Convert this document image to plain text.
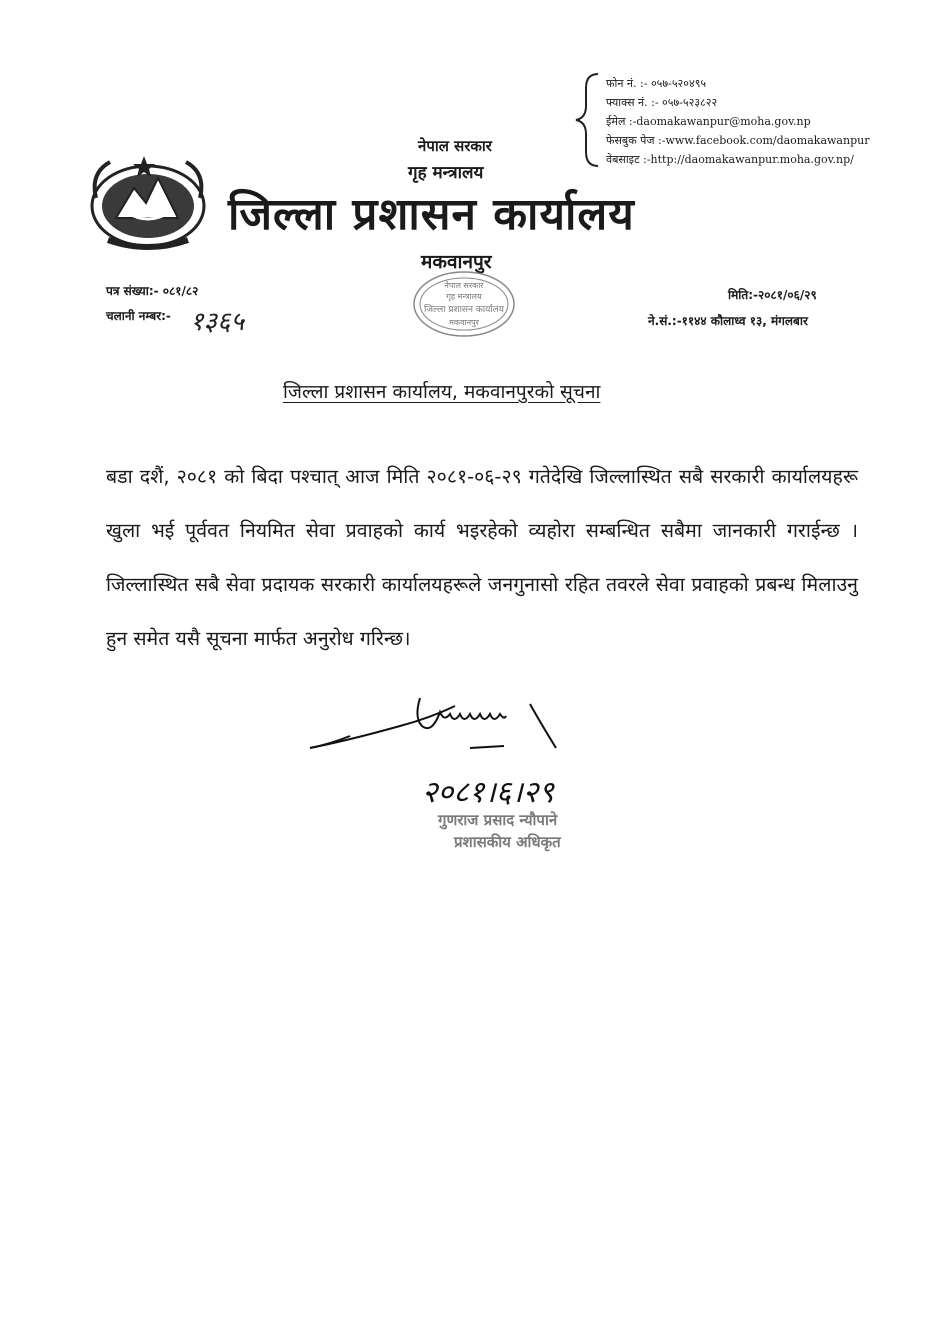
फोन नं. :- ०५७-५२०४९५
फ्याक्स नं. :- ०५७-५२३८२२
ईमेल :-daomakawanpur@moha.gov.np
फेसबुक पेज :-www.facebook.com/daomakawanpur
वेबसाइट :-http://daomakawanpur.moha.gov.np/
नेपाल सरकार
गृह मन्त्रालय
जिल्ला प्रशासन कार्यालय
मकवानपुर
नेपाल सरकार
गृह मन्त्रालय
जिल्ला प्रशासन कार्यालय
मकवानपुर
पत्र संख्या:- ०८१/८२
चलानी नम्बर:- १३६५
मिति:-२०८१/०६/२९
ने.सं.:-११४४ कौलाध्व १३, मंगलबार
जिल्ला प्रशासन कार्यालय, मकवानपुरको सूचना
बडा दशैं, २०८१ को बिदा पश्चात् आज मिति २०८१-०६-२९ गतेदेखि जिल्लास्थित सबै सरकारी कार्यालयहरू खुला भई पूर्ववत नियमित सेवा प्रवाहको कार्य भइरहेको व्यहोरा सम्बन्धित सबैमा जानकारी गराईन्छ । जिल्लास्थित सबै सेवा प्रदायक सरकारी कार्यालयहरूले जनगुनासो रहित तवरले सेवा प्रवाहको प्रबन्ध मिलाउनु हुन समेत यसै सूचना मार्फत अनुरोध गरिन्छ।
२०८१।६।२९
गुणराज प्रसाद न्यौपाने
प्रशासकीय अधिकृत
